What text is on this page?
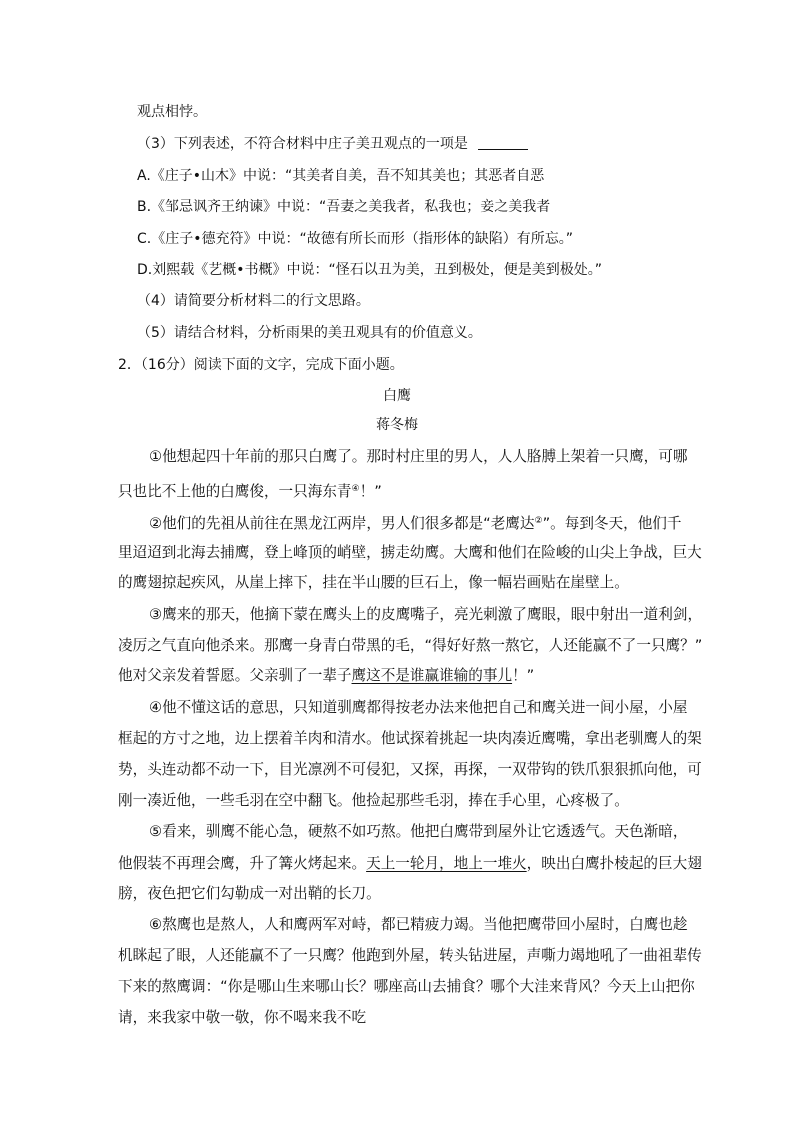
观点相悖。
（3）下列表述，不符合材料中庄子美丑观点的一项是
A.《庄子•山木》中说：“其美者自美，吾不知其美也；其恶者自恶
B.《邹忌讽齐王纳谏》中说：“吾妻之美我者，私我也；妾之美我者
C.《庄子•德充符》中说：“故德有所长而形（指形体的缺陷）有所忘。”
D.刘熙载《艺概•书概》中说：“怪石以丑为美，丑到极处，便是美到极处。”
（4）请简要分析材料二的行文思路。
（5）请结合材料，分析雨果的美丑观具有的价值意义。
2．（16分）阅读下面的文字，完成下面小题。
白鹰
蒋冬梅
①他想起四十年前的那只白鹰了。那时村庄里的男人，人人胳膊上架着一只鹰，可哪
只也比不上他的白鹰俊，一只海东青④！”
②他们的先祖从前往在黑龙江两岸，男人们很多都是“老鹰达②”。每到冬天，他们千
里迢迢到北海去捕鹰，登上峰顶的峭壁，掳走幼鹰。大鹰和他们在险峻的山尖上争战，巨大
的鹰翅掠起疾风，从崖上摔下，挂在半山腰的巨石上，像一幅岩画贴在崖壁上。
③鹰来的那天，他摘下蒙在鹰头上的皮鹰嘴子，亮光刺激了鹰眼，眼中射出一道利剑，
凌厉之气直向他杀来。那鹰一身青白带黑的毛，“得好好熬一熬它，人还能赢不了一只鹰？”
他对父亲发着誓愿。父亲驯了一辈子鹰这不是谁赢谁输的事儿！”
④他不懂这话的意思，只知道驯鹰都得按老办法来他把自己和鹰关进一间小屋，小屋
框起的方寸之地，边上摆着羊肉和清水。他试探着挑起一块肉凑近鹰嘴，拿出老驯鹰人的架
势，头连动都不动一下，目光凛冽不可侵犯，又探，再探，一双带钩的铁爪狠狠抓向他，可
刚一凑近他，一些毛羽在空中翻飞。他捡起那些毛羽，捧在手心里，心疼极了。
⑤看来，驯鹰不能心急，硬熬不如巧熬。他把白鹰带到屋外让它透透气。天色渐暗，
他假装不再理会鹰，升了篝火烤起来。天上一轮月，地上一堆火，映出白鹰扑棱起的巨大翅
膀，夜色把它们勾勒成一对出鞘的长刀。
⑥熬鹰也是熬人，人和鹰两军对峙，都已精疲力竭。当他把鹰带回小屋时，白鹰也趁
机眯起了眼，人还能赢不了一只鹰？他跑到外屋，转头钻进屋，声嘶力竭地吼了一曲祖辈传
下来的熬鹰调：“你是哪山生来哪山长？哪座高山去捕食？哪个大洼来背风？今天上山把你
请，来我家中敬一敬，你不喝来我不吃
